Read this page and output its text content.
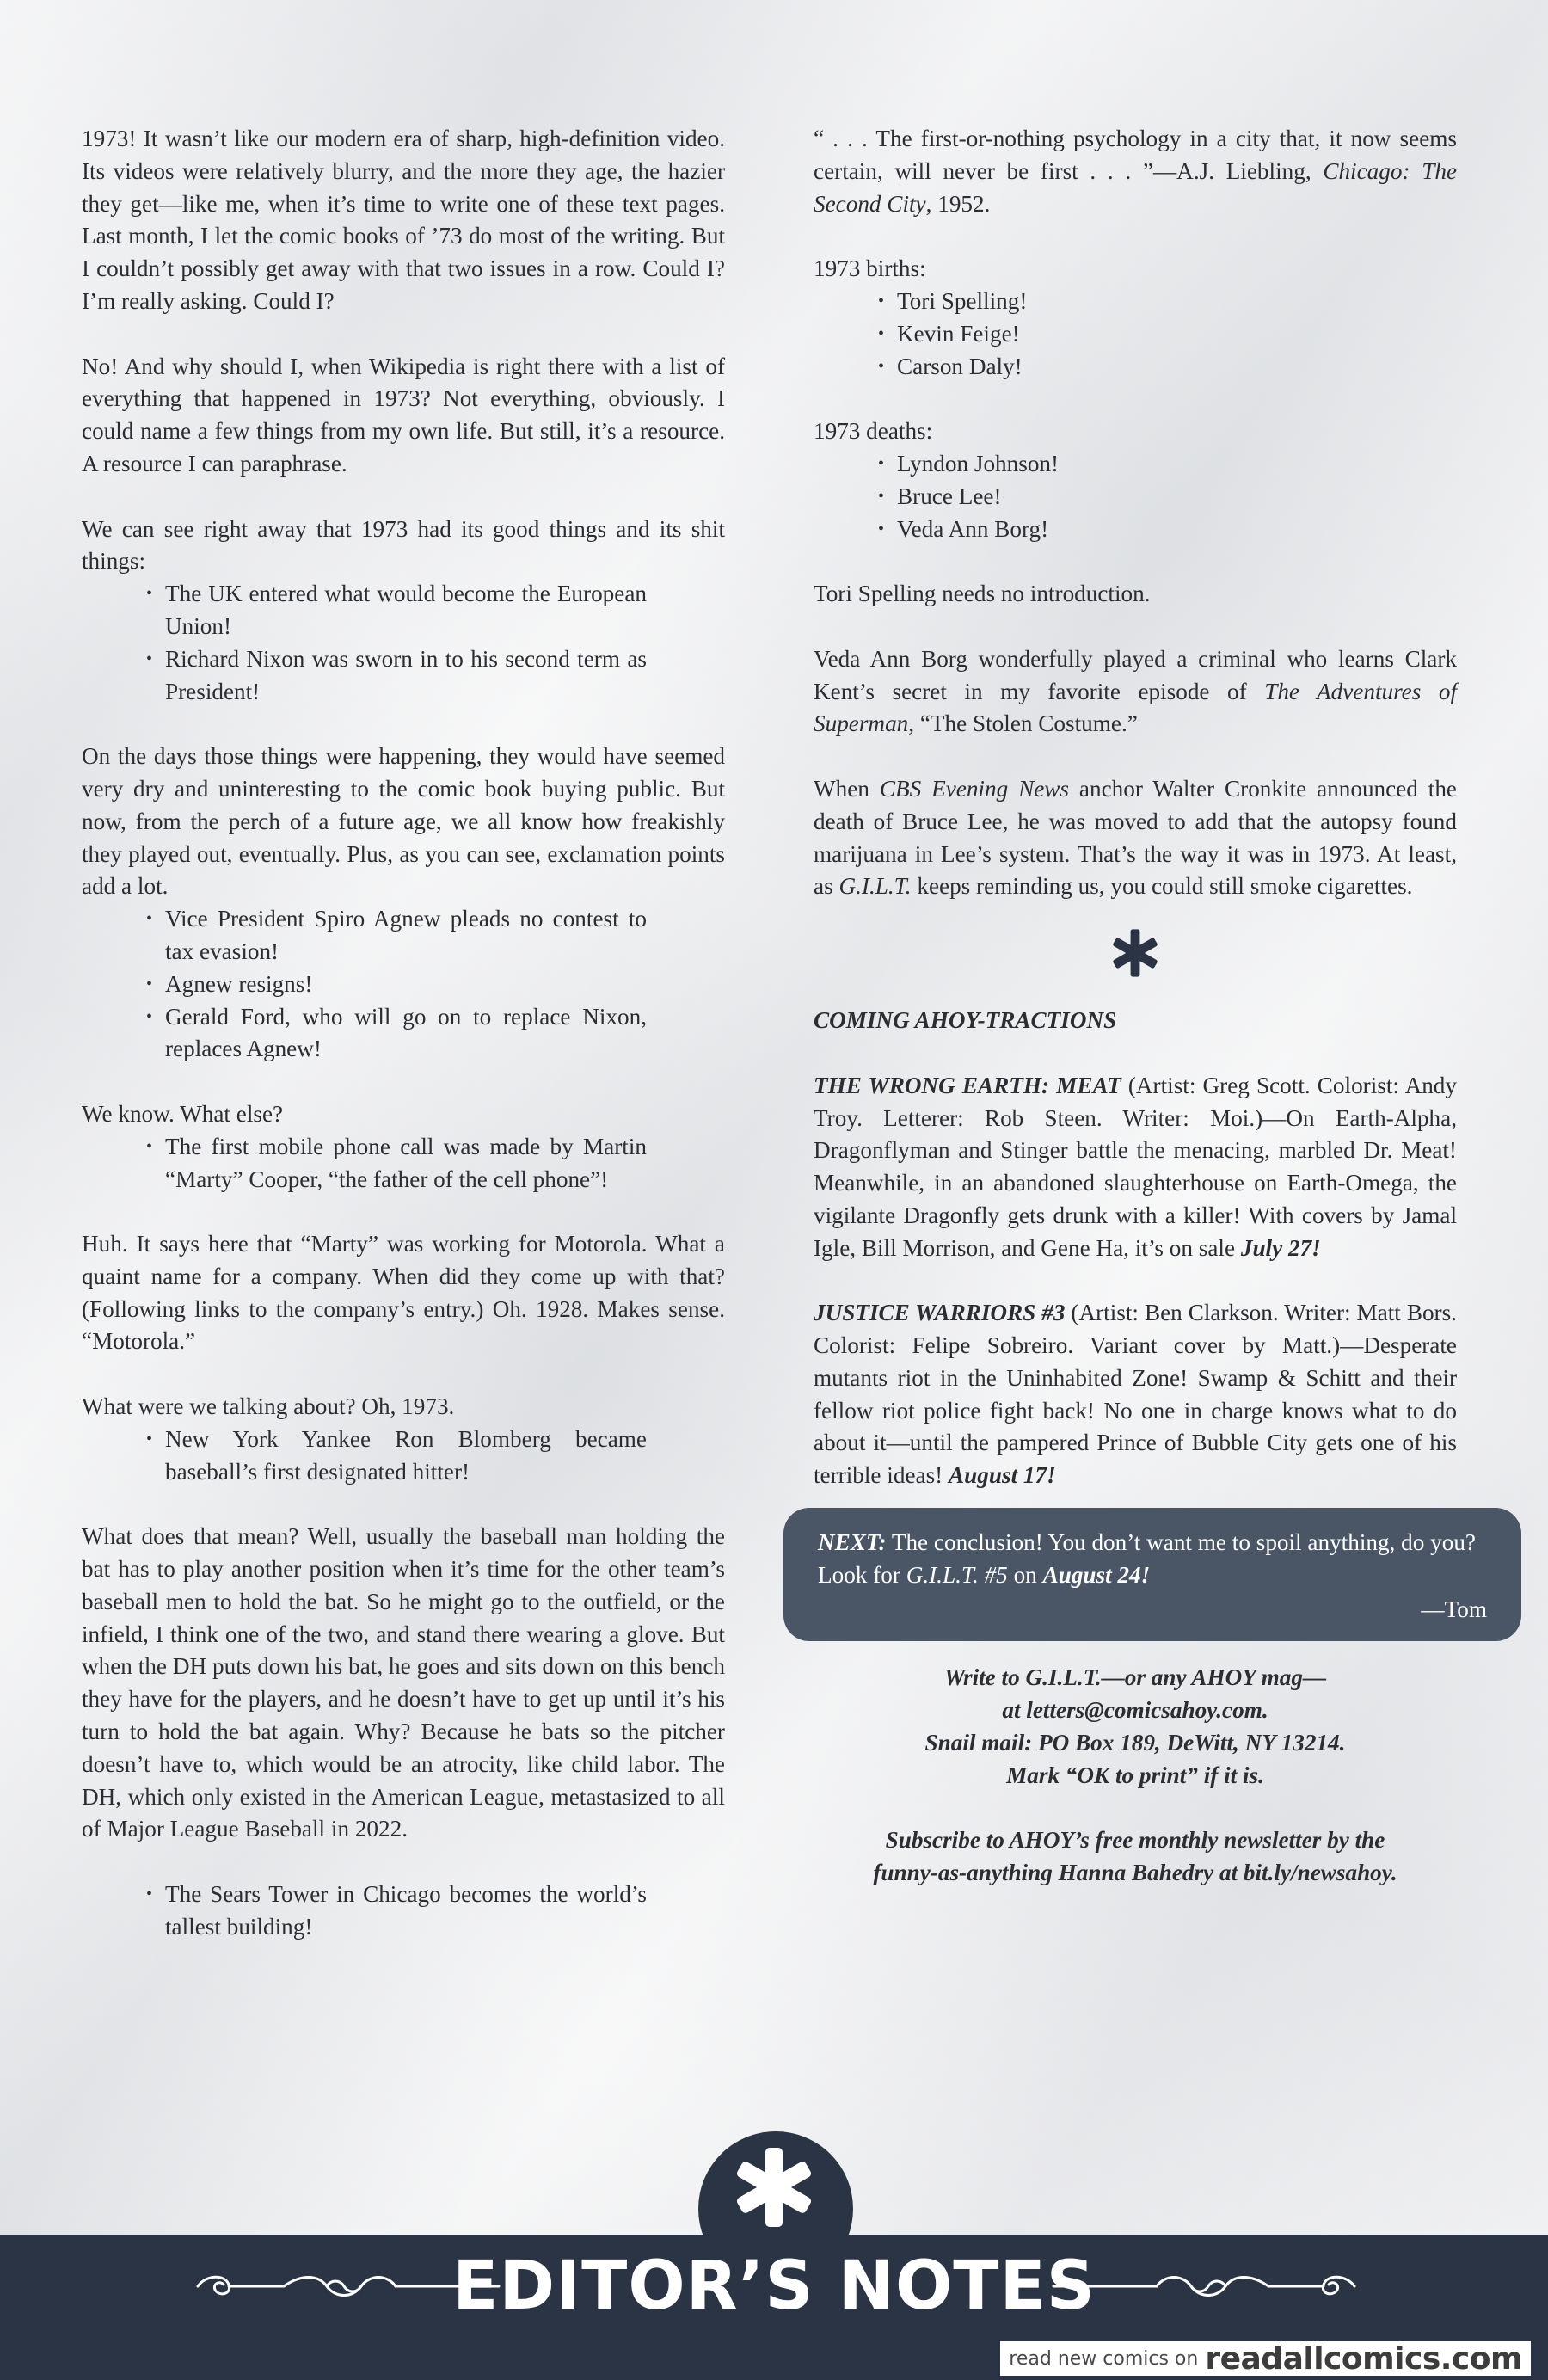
1973! It wasn’t like our modern era of sharp, high-definition video. Its videos were relatively blurry, and the more they age, the hazier they get—like me, when it’s time to write one of these text pages. Last month, I let the comic books of ’73 do most of the writing. But I couldn’t possibly get away with that two issues in a row. Could I? I’m really asking. Could I?

No! And why should I, when Wikipedia is right there with a list of everything that happened in 1973? Not everything, obviously. I could name a few things from my own life. But still, it’s a resource. A resource I can paraphrase.

We can see right away that 1973 had its good things and its shit things:

• The UK entered what would become the European Union!
• Richard Nixon was sworn in to his second term as President!

On the days those things were happening, they would have seemed very dry and uninteresting to the comic book buying public. But now, from the perch of a future age, we all know how freakishly they played out, eventually. Plus, as you can see, exclamation points add a lot.

• Vice President Spiro Agnew pleads no contest to tax evasion!
• Agnew resigns!
• Gerald Ford, who will go on to replace Nixon, replaces Agnew!

We know. What else?

• The first mobile phone call was made by Martin “Marty” Cooper, “the father of the cell phone”!

Huh. It says here that “Marty” was working for Motorola. What a quaint name for a company. When did they come up with that? (Following links to the company’s entry.) Oh. 1928. Makes sense. “Motorola.”

What were we talking about? Oh, 1973.

• New York Yankee Ron Blomberg became baseball’s first designated hitter!

What does that mean? Well, usually the baseball man holding the bat has to play another position when it’s time for the other team’s baseball men to hold the bat. So he might go to the outfield, or the infield, I think one of the two, and stand there wearing a glove. But when the DH puts down his bat, he goes and sits down on this bench they have for the players, and he doesn’t have to get up until it’s his turn to hold the bat again. Why? Because he bats so the pitcher doesn’t have to, which would be an atrocity, like child labor. The DH, which only existed in the American League, metastasized to all of Major League Baseball in 2022.

• The Sears Tower in Chicago becomes the world’s tallest building!

“ . . . The first-or-nothing psychology in a city that, it now seems certain, will never be first . . . ”—A.J. Liebling, Chicago: The Second City, 1952.

1973 births:

• Tori Spelling!
• Kevin Feige!
• Carson Daly!

1973 deaths:

• Lyndon Johnson!
• Bruce Lee!
• Veda Ann Borg!

Tori Spelling needs no introduction.

Veda Ann Borg wonderfully played a criminal who learns Clark Kent’s secret in my favorite episode of The Adventures of Superman, “The Stolen Costume.”

When CBS Evening News anchor Walter Cronkite announced the death of Bruce Lee, he was moved to add that the autopsy found marijuana in Lee’s system. That’s the way it was in 1973. At least, as G.I.L.T. keeps reminding us, you could still smoke cigarettes.

COMING AHOY-TRACTIONS

THE WRONG EARTH: MEAT (Artist: Greg Scott. Colorist: Andy Troy. Letterer: Rob Steen. Writer: Moi.)—On Earth-Alpha, Dragonflyman and Stinger battle the menacing, marbled Dr. Meat! Meanwhile, in an abandoned slaughterhouse on Earth-Omega, the vigilante Dragonfly gets drunk with a killer! With covers by Jamal Igle, Bill Morrison, and Gene Ha, it’s on sale July 27!

JUSTICE WARRIORS #3 (Artist: Ben Clarkson. Writer: Matt Bors. Colorist: Felipe Sobreiro. Variant cover by Matt.)—Desperate mutants riot in the Uninhabited Zone! Swamp & Schitt and their fellow riot police fight back! No one in charge knows what to do about it—until the pampered Prince of Bubble City gets one of his terrible ideas! August 17!

NEXT: The conclusion! You don’t want me to spoil anything, do you? Look for G.I.L.T. #5 on August 24!

—Tom

Write to G.I.L.T.—or any AHOY mag—
at letters@comicsahoy.com.
Snail mail: PO Box 189, DeWitt, NY 13214.
Mark “OK to print” if it is.
Subscribe to AHOY’s free monthly newsletter by the
funny-as-anything Hanna Bahedry at bit.ly/newsahoy.
EDITOR’S NOTES
read new comics on readallcomics.com
